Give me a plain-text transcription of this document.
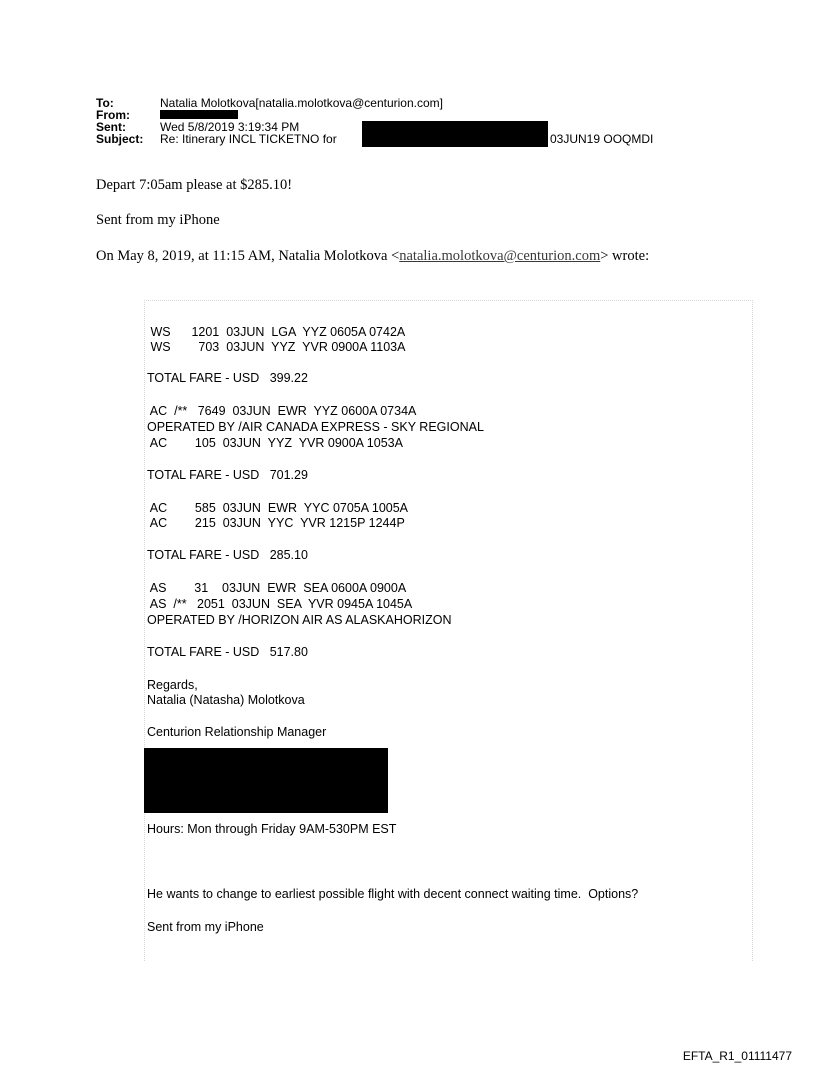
To:	Natalia Molotkova[natalia.molotkova@centurion.com]
From:
Sent:	Wed 5/8/2019 3:19:34 PM
Subject: Re: Itinerary INCL TICKETNO for	03JUN19 OOQMDI
Depart 7:05am please at $285.10!
Sent from my iPhone
On May 8, 2019, at 11:15 AM, Natalia Molotkova <natalia.molotkova@centurion.com> wrote:
WS      1201  03JUN  LGA  YYZ 0605A 0742A
WS        703  03JUN  YYZ  YVR 0900A 1103A
TOTAL FARE - USD   399.22
AC  /**   7649  03JUN  EWR  YYZ 0600A 0734A
OPERATED BY /AIR CANADA EXPRESS - SKY REGIONAL
AC        105  03JUN  YYZ  YVR 0900A 1053A
TOTAL FARE - USD   701.29
AC        585  03JUN  EWR  YYC 0705A 1005A
AC        215  03JUN  YYC  YVR 1215P 1244P
TOTAL FARE - USD   285.10
AS        31    03JUN  EWR  SEA 0600A 0900A
AS  /**   2051  03JUN  SEA  YVR 0945A 1045A
OPERATED BY /HORIZON AIR AS ALASKAHORIZON
TOTAL FARE - USD   517.80
Regards,
Natalia (Natasha) Molotkova
Centurion Relationship Manager
Hours: Mon through Friday 9AM-530PM EST
He wants to change to earliest possible flight with decent connect waiting time.  Options?
Sent from my iPhone
EFTA_R1_01111477
